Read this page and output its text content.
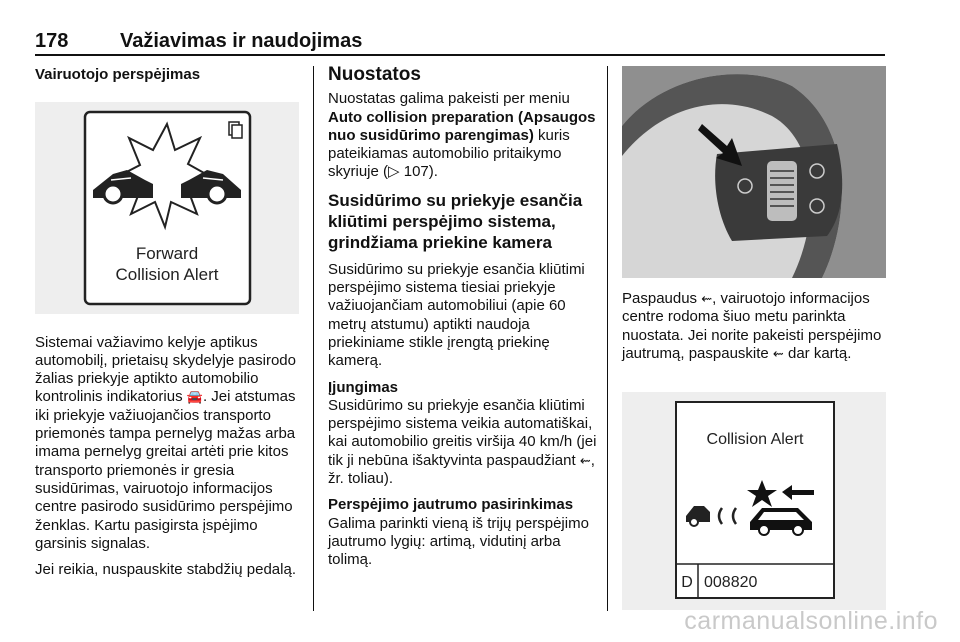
178	Važiavimas ir naudojimas
Vairuotojo perspėjimas
Forward
Collision Alert

Sistemai važiavimo kelyje aptikus automobilį, prietaisų skydelyje pasirodo žalias priekyje aptikto automobilio kontrolinis indikatorius 🚘. Jei atstumas iki priekyje važiuojančios transporto priemonės tampa pernelyg mažas arba imama pernelyg greitai artėti prie kitos transporto priemonės ir gresia susidūrimas, vairuotojo informacijos centre pasirodo susidūrimo perspėjimo ženklas. Kartu pasigirsta įspėjimo garsinis signalas.

Jei reikia, nuspauskite stabdžių pedalą.

Nuostatos

Nuostatas galima pakeisti per meniu Auto collision preparation (Apsaugos nuo susidūrimo parengimas) kuris pateikiamas automobilio pritaikymo skyriuje (▷ 107).

Susidūrimo su priekyje esančia kliūtimi perspėjimo sistema, grindžiama priekine kamera

Susidūrimo su priekyje esančia kliūtimi perspėjimo sistema tiesiai priekyje važiuojančiam automobiliui (apie 60 metrų atstumu) aptikti naudoja priekiniame stikle įrengtą priekinę kamerą.

Įjungimas

Susidūrimo su priekyje esančia kliūtimi perspėjimo sistema veikia automatiškai, kai automobilio greitis viršija 40 km/h (jei tik ji nebūna išaktyvinta paspaudžiant ⇜, žr. toliau).

Perspėjimo jautrumo pasirinkimas

Galima parinkti vieną iš trijų perspėjimo jautrumo lygių: artimą, vidutinį arba tolimą.

Paspaudus ⇜, vairuotojo informacijos centre rodoma šiuo metu parinkta nuostata. Jei norite pakeisti perspėjimo jautrumą, paspauskite ⇜ dar kartą.

Collision Alert
D 008820
carmanualsonline.info
